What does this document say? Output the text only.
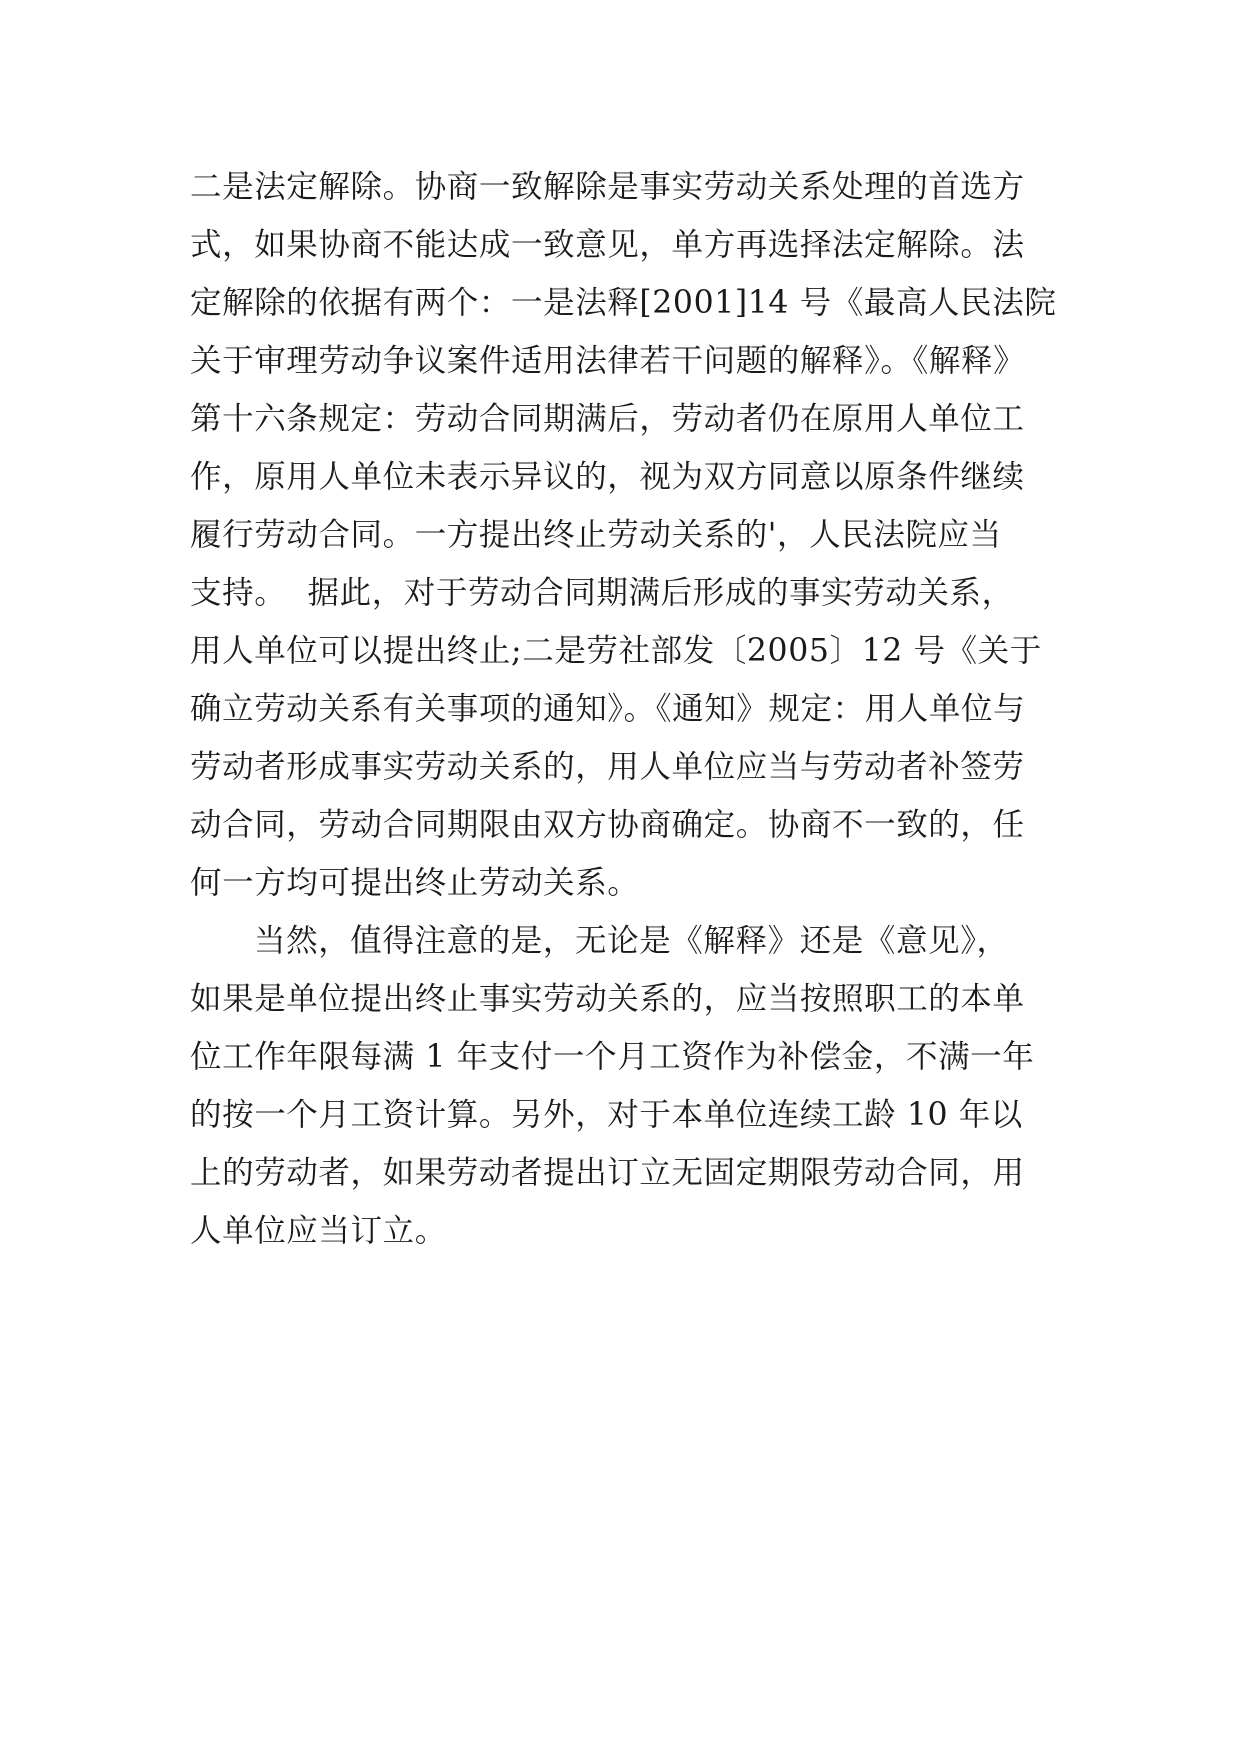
二是法定解除。协商一致解除是事实劳动关系处理的首选方
式，如果协商不能达成一致意见，单方再选择法定解除。法
定解除的依据有两个：一是法释[2001]14 号《最高人民法院
关于审理劳动争议案件适用法律若干问题的解释》。《解释》
第十六条规定：劳动合同期满后，劳动者仍在原用人单位工
作，原用人单位未表示异议的，视为双方同意以原条件继续
履行劳动合同。一方提出终止劳动关系的'，人民法院应当
支持。  据此，对于劳动合同期满后形成的事实劳动关系，
用人单位可以提出终止;二是劳社部发〔2005〕12 号《关于
确立劳动关系有关事项的通知》。《通知》规定：用人单位与
劳动者形成事实劳动关系的，用人单位应当与劳动者补签劳
动合同，劳动合同期限由双方协商确定。协商不一致的，任
何一方均可提出终止劳动关系。
当然，值得注意的是，无论是《解释》还是《意见》，
如果是单位提出终止事实劳动关系的，应当按照职工的本单
位工作年限每满 1 年支付一个月工资作为补偿金，不满一年
的按一个月工资计算。另外，对于本单位连续工龄 10 年以
上的劳动者，如果劳动者提出订立无固定期限劳动合同，用
人单位应当订立。
